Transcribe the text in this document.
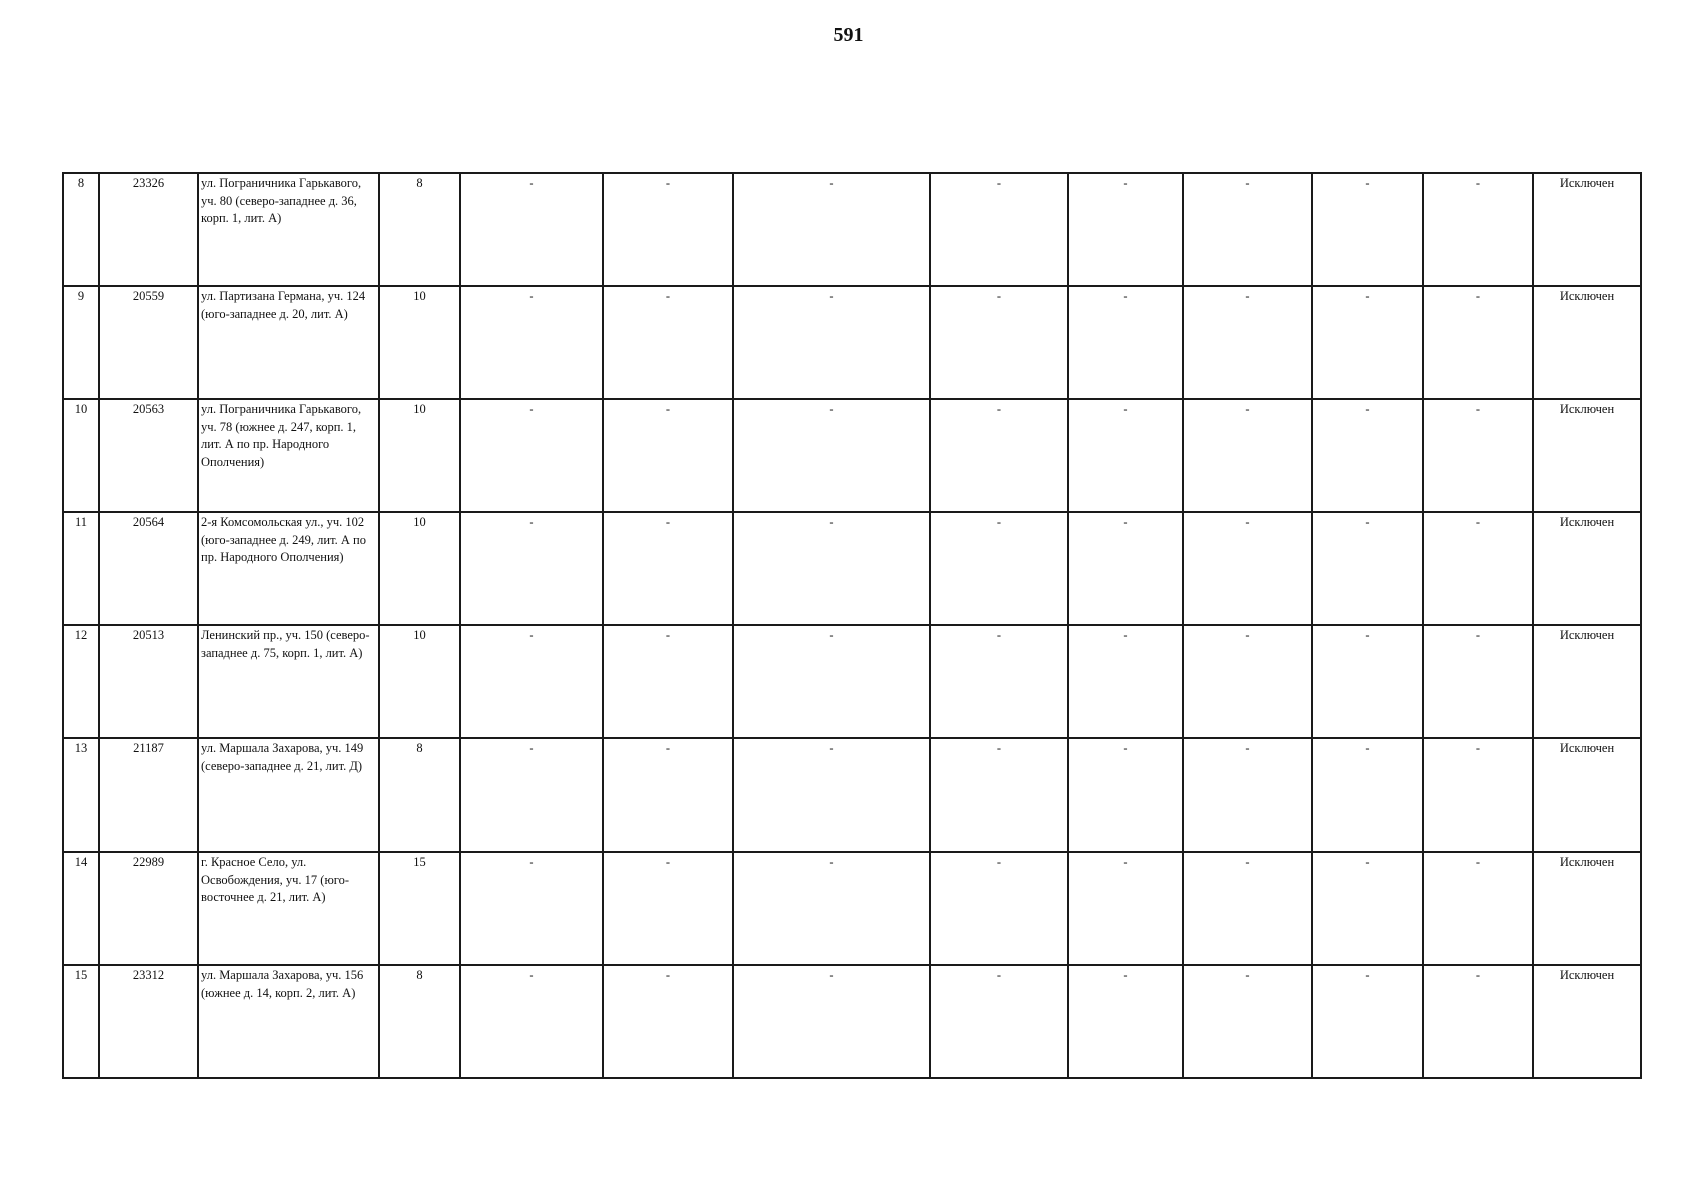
591
8	23326	ул. Пограничника Гарькавого, уч. 80 (северо-западнее д. 36, корп. 1, лит. А)	8	-	-	-	-	-	-	-	-	Исключен
9	20559	ул. Партизана Германа, уч. 124 (юго-западнее д. 20, лит. А)	10	-	-	-	-	-	-	-	-	Исключен
10	20563	ул. Пограничника Гарькавого, уч. 78 (южнее д. 247, корп. 1, лит. А по пр. Народного Ополчения)	10	-	-	-	-	-	-	-	-	Исключен
11	20564	2-я Комсомольская ул., уч. 102 (юго-западнее д. 249, лит. А по пр. Народного Ополчения)	10	-	-	-	-	-	-	-	-	Исключен
12	20513	Ленинский пр., уч. 150 (северо-западнее д. 75, корп. 1, лит. А)	10	-	-	-	-	-	-	-	-	Исключен
13	21187	ул. Маршала Захарова, уч. 149 (северо-западнее д. 21, лит. Д)	8	-	-	-	-	-	-	-	-	Исключен
14	22989	г. Красное Село, ул. Освобождения, уч. 17 (юго-восточнее д. 21, лит. А)	15	-	-	-	-	-	-	-	-	Исключен
15	23312	ул. Маршала Захарова, уч. 156 (южнее д. 14, корп. 2, лит. А)	8	-	-	-	-	-	-	-	-	Исключен
